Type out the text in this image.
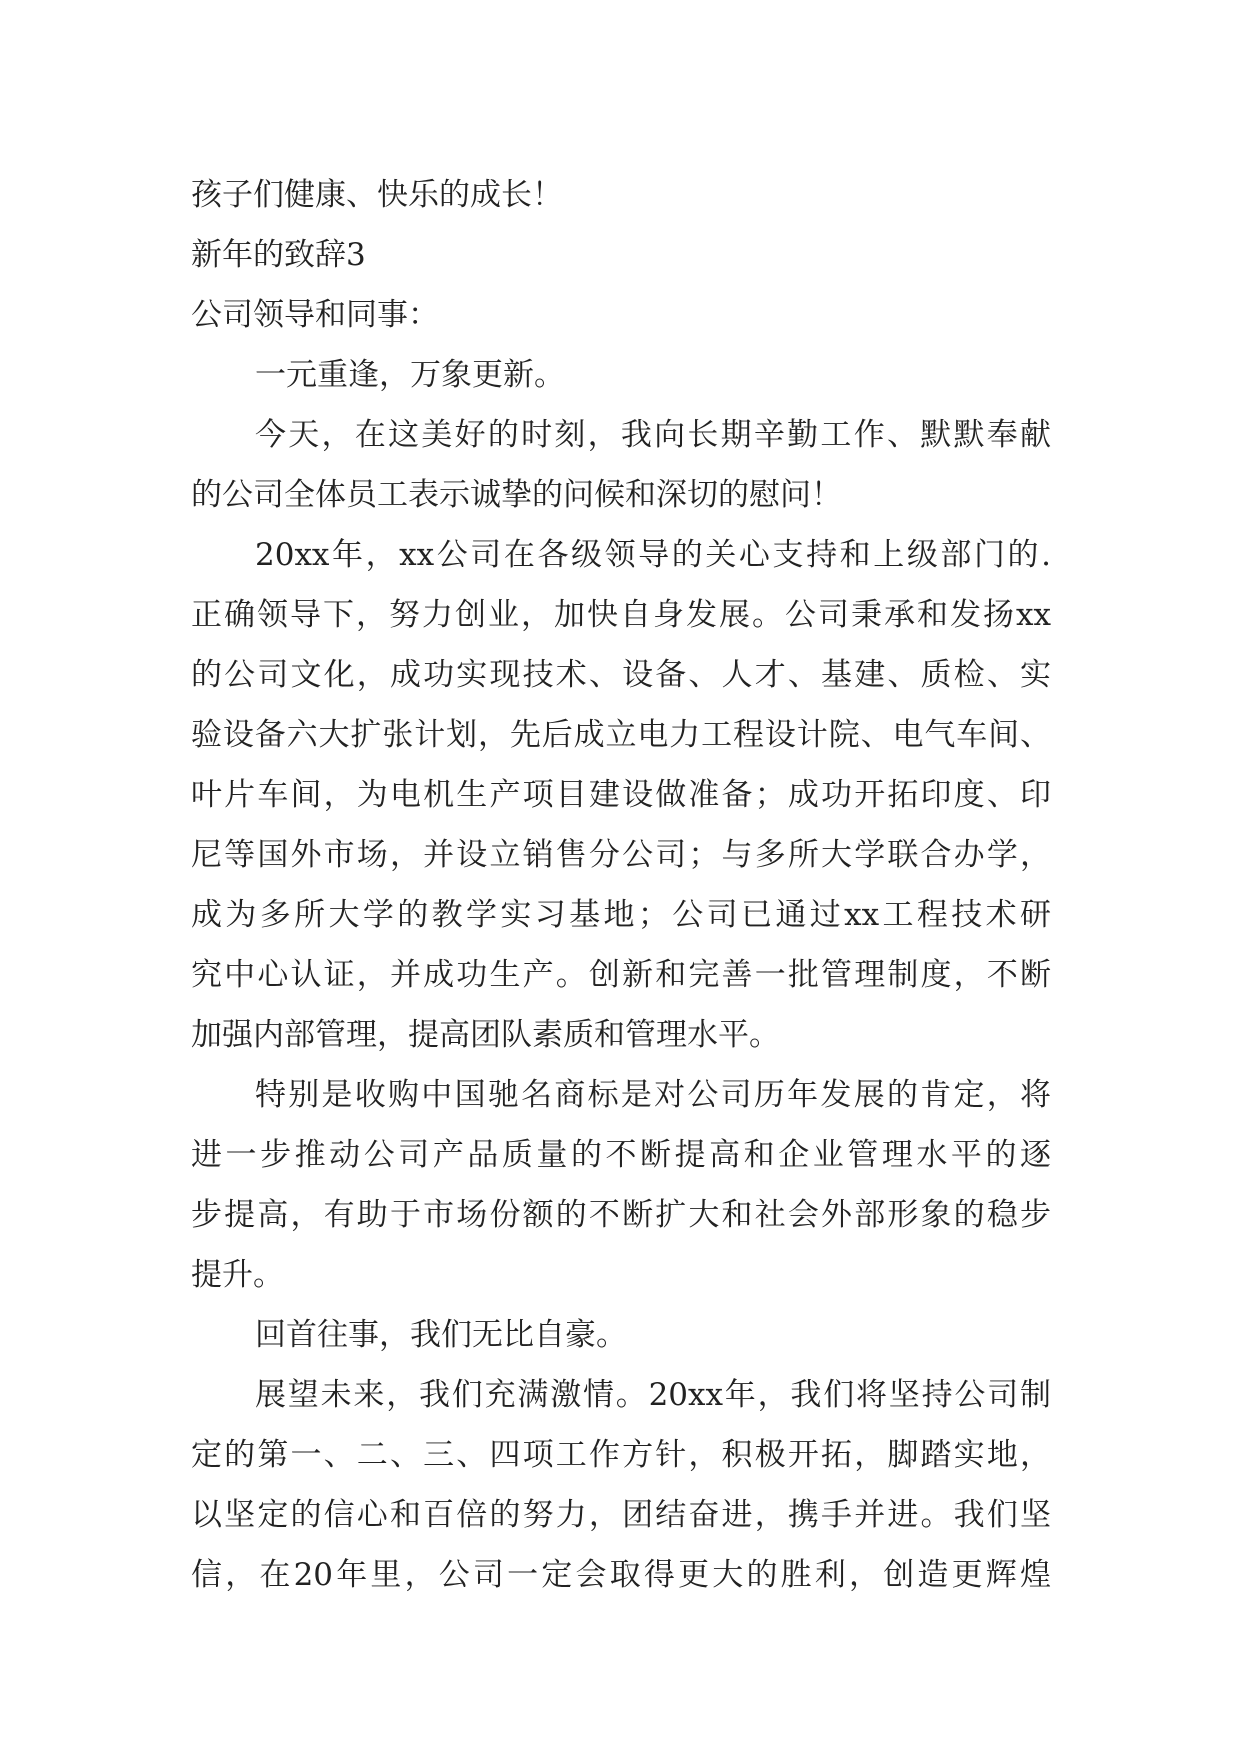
孩子们健康、快乐的成长！
新年的致辞3
公司领导和同事：
一元重逢，万象更新。
今天，在这美好的时刻，我向长期辛勤工作、默默奉献
的公司全体员工表示诚挚的问候和深切的慰问！
20xx年，xx公司在各级领导的关心支持和上级部门的.
正确领导下，努力创业，加快自身发展。公司秉承和发扬xx
的公司文化，成功实现技术、设备、人才、基建、质检、实
验设备六大扩张计划，先后成立电力工程设计院、电气车间、
叶片车间，为电机生产项目建设做准备；成功开拓印度、印
尼等国外市场，并设立销售分公司；与多所大学联合办学，
成为多所大学的教学实习基地；公司已通过xx工程技术研
究中心认证，并成功生产。创新和完善一批管理制度，不断
加强内部管理，提高团队素质和管理水平。
特别是收购中国驰名商标是对公司历年发展的肯定，将
进一步推动公司产品质量的不断提高和企业管理水平的逐
步提高，有助于市场份额的不断扩大和社会外部形象的稳步
提升。
回首往事，我们无比自豪。
展望未来，我们充满激情。20xx年，我们将坚持公司制
定的第一、二、三、四项工作方针，积极开拓，脚踏实地，
以坚定的信心和百倍的努力，团结奋进，携手并进。我们坚
信，在20年里，公司一定会取得更大的胜利，创造更辉煌
